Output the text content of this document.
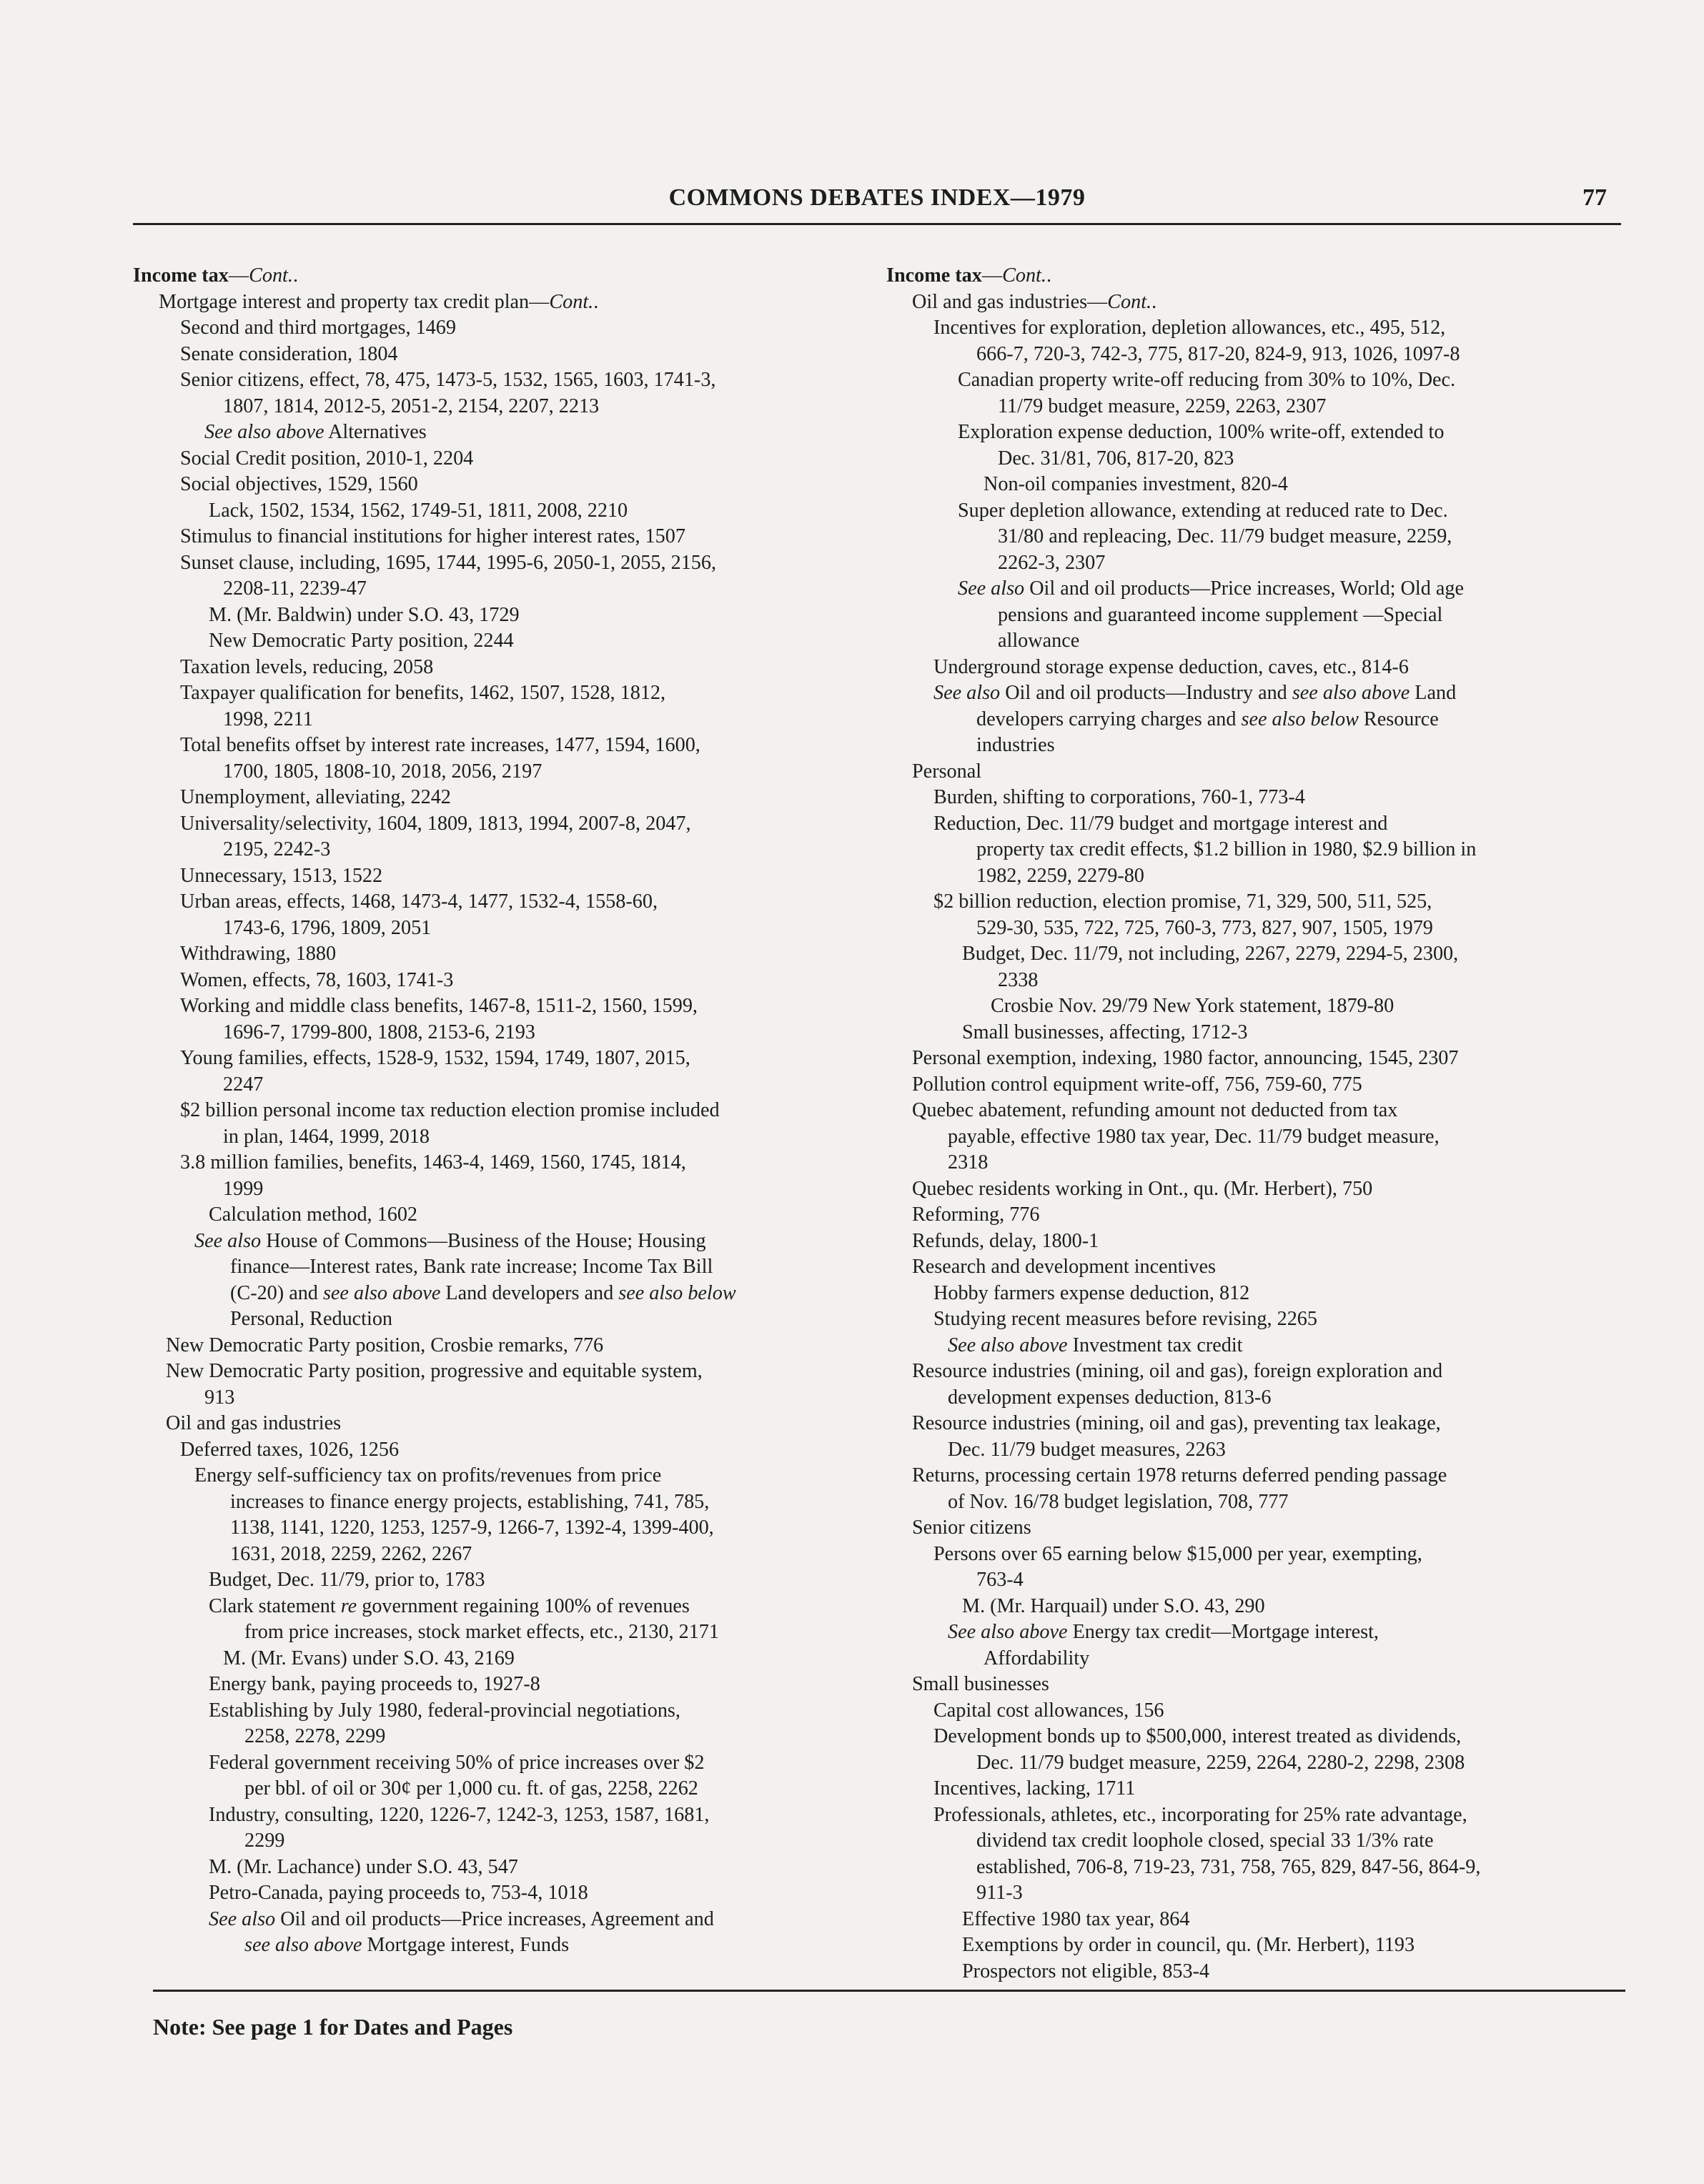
COMMONS DEBATES INDEX—1979	77
Income tax—Cont..
Mortgage interest and property tax credit plan—Cont..
Second and third mortgages, 1469
Senate consideration, 1804
Senior citizens, effect, 78, 475, 1473-5, 1532, 1565, 1603, 1741-3,
1807, 1814, 2012-5, 2051-2, 2154, 2207, 2213
See also above Alternatives
Social Credit position, 2010-1, 2204
Social objectives, 1529, 1560
Lack, 1502, 1534, 1562, 1749-51, 1811, 2008, 2210
Stimulus to financial institutions for higher interest rates, 1507
Sunset clause, including, 1695, 1744, 1995-6, 2050-1, 2055, 2156,
2208-11, 2239-47
M. (Mr. Baldwin) under S.O. 43, 1729
New Democratic Party position, 2244
Taxation levels, reducing, 2058
Taxpayer qualification for benefits, 1462, 1507, 1528, 1812,
1998, 2211
Total benefits offset by interest rate increases, 1477, 1594, 1600,
1700, 1805, 1808-10, 2018, 2056, 2197
Unemployment, alleviating, 2242
Universality/selectivity, 1604, 1809, 1813, 1994, 2007-8, 2047,
2195, 2242-3
Unnecessary, 1513, 1522
Urban areas, effects, 1468, 1473-4, 1477, 1532-4, 1558-60,
1743-6, 1796, 1809, 2051
Withdrawing, 1880
Women, effects, 78, 1603, 1741-3
Working and middle class benefits, 1467-8, 1511-2, 1560, 1599,
1696-7, 1799-800, 1808, 2153-6, 2193
Young families, effects, 1528-9, 1532, 1594, 1749, 1807, 2015,
2247
$2 billion personal income tax reduction election promise included
in plan, 1464, 1999, 2018
3.8 million families, benefits, 1463-4, 1469, 1560, 1745, 1814,
1999
Calculation method, 1602
See also House of Commons—Business of the House; Housing
finance—Interest rates, Bank rate increase; Income Tax Bill
(C-20) and see also above Land developers and see also below
Personal, Reduction
New Democratic Party position, Crosbie remarks, 776
New Democratic Party position, progressive and equitable system,
913
Oil and gas industries
Deferred taxes, 1026, 1256
Energy self-sufficiency tax on profits/revenues from price
increases to finance energy projects, establishing, 741, 785,
1138, 1141, 1220, 1253, 1257-9, 1266-7, 1392-4, 1399-400,
1631, 2018, 2259, 2262, 2267
Budget, Dec. 11/79, prior to, 1783
Clark statement re government regaining 100% of revenues
from price increases, stock market effects, etc., 2130, 2171
M. (Mr. Evans) under S.O. 43, 2169
Energy bank, paying proceeds to, 1927-8
Establishing by July 1980, federal-provincial negotiations,
2258, 2278, 2299
Federal government receiving 50% of price increases over $2
per bbl. of oil or 30¢ per 1,000 cu. ft. of gas, 2258, 2262
Industry, consulting, 1220, 1226-7, 1242-3, 1253, 1587, 1681,
2299
M. (Mr. Lachance) under S.O. 43, 547
Petro-Canada, paying proceeds to, 753-4, 1018
See also Oil and oil products—Price increases, Agreement and
see also above Mortgage interest, Funds
Income tax—Cont..
Oil and gas industries—Cont..
Incentives for exploration, depletion allowances, etc., 495, 512,
666-7, 720-3, 742-3, 775, 817-20, 824-9, 913, 1026, 1097-8
Canadian property write-off reducing from 30% to 10%, Dec.
11/79 budget measure, 2259, 2263, 2307
Exploration expense deduction, 100% write-off, extended to
Dec. 31/81, 706, 817-20, 823
Non-oil companies investment, 820-4
Super depletion allowance, extending at reduced rate to Dec.
31/80 and repleacing, Dec. 11/79 budget measure, 2259,
2262-3, 2307
See also Oil and oil products—Price increases, World; Old age
pensions and guaranteed income supplement —Special
allowance
Underground storage expense deduction, caves, etc., 814-6
See also Oil and oil products—Industry and see also above Land
developers carrying charges and see also below Resource
industries
Personal
Burden, shifting to corporations, 760-1, 773-4
Reduction, Dec. 11/79 budget and mortgage interest and
property tax credit effects, $1.2 billion in 1980, $2.9 billion in
1982, 2259, 2279-80
$2 billion reduction, election promise, 71, 329, 500, 511, 525,
529-30, 535, 722, 725, 760-3, 773, 827, 907, 1505, 1979
Budget, Dec. 11/79, not including, 2267, 2279, 2294-5, 2300,
2338
Crosbie Nov. 29/79 New York statement, 1879-80
Small businesses, affecting, 1712-3
Personal exemption, indexing, 1980 factor, announcing, 1545, 2307
Pollution control equipment write-off, 756, 759-60, 775
Quebec abatement, refunding amount not deducted from tax
payable, effective 1980 tax year, Dec. 11/79 budget measure,
2318
Quebec residents working in Ont., qu. (Mr. Herbert), 750
Reforming, 776
Refunds, delay, 1800-1
Research and development incentives
Hobby farmers expense deduction, 812
Studying recent measures before revising, 2265
See also above Investment tax credit
Resource industries (mining, oil and gas), foreign exploration and
development expenses deduction, 813-6
Resource industries (mining, oil and gas), preventing tax leakage,
Dec. 11/79 budget measures, 2263
Returns, processing certain 1978 returns deferred pending passage
of Nov. 16/78 budget legislation, 708, 777
Senior citizens
Persons over 65 earning below $15,000 per year, exempting,
763-4
M. (Mr. Harquail) under S.O. 43, 290
See also above Energy tax credit—Mortgage interest,
Affordability
Small businesses
Capital cost allowances, 156
Development bonds up to $500,000, interest treated as dividends,
Dec. 11/79 budget measure, 2259, 2264, 2280-2, 2298, 2308
Incentives, lacking, 1711
Professionals, athletes, etc., incorporating for 25% rate advantage,
dividend tax credit loophole closed, special 33 1/3% rate
established, 706-8, 719-23, 731, 758, 765, 829, 847-56, 864-9,
911-3
Effective 1980 tax year, 864
Exemptions by order in council, qu. (Mr. Herbert), 1193
Prospectors not eligible, 853-4
Note: See page 1 for Dates and Pages
